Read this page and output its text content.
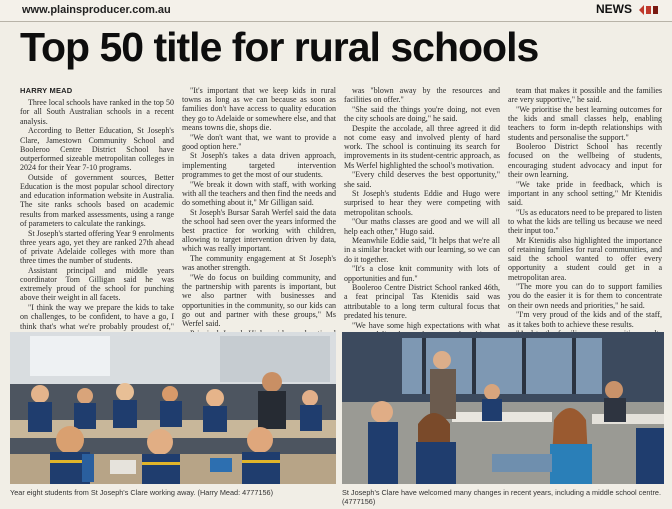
www.plainsproducer.com.au	NEWS
Top 50 title for rural schools
HARRY MEAD

Three local schools have ranked in the top 50 for all South Australian schools in a recent analysis.

According to Better Education, St Joseph's Clare, Jamestown Community School and Booleroo Centre District School have outperformed sizeable metropolitan colleges in 2024 for their Year 7-10 programs.

Outside of government sources, Better Education is the most popular school directory and education information website in Australia. The site ranks schools based on academic results from marked assessments, using a range of parameters to calculate the rankings.

St Joseph's started offering Year 9 enrolments three years ago, yet they are ranked 27th ahead of private Adelaide colleges with more than three times the number of students.

Assistant principal and middle years coordinator Tom Gilligan said he was extremely proud of the school for punching above their weight in all facets.

"I think the way we prepare the kids to take on challenges, to be confident, to have a go, I think that's what we're probably proudest of,"

"It's important that we keep kids in rural towns as long as we can because as soon as families don't have access to quality education they go to Adelaide or somewhere else, and that means towns die, shops die.

"We don't want that, we want to provide a good option here."

St Joseph's takes a data driven approach, implementing targeted intervention programmes to get the most of our students.

"We break it down with staff, with working with all the teachers and then find the needs and do something about it," Mr Gilligan said.

St Joseph's Bursar Sarah Werfel said the data the school had seen over the years informed the best practice for working with children, allowing to target intervention driven by data, which was really important.

The community engagement at St Joseph's was another strength.

"We do focus on building community, and the partnership with parents is important, but we also partner with businesses and opportunities in the community, so our kids can go out and partner with these groups," Ms Werfel said.

was "blown away by the resources and facilities on offer."

"She said the things you're doing, not even the city schools are doing," he said.

Despite the accolade, all three agreed it did not come easy and involved plenty of hard work. The school is continuing its search for improvements in its student-centric approach, as Ms Werfel highlighted the school's motivation.

"Every child deserves the best opportunity," she said.

St Joseph's students Eddie and Hugo were surprised to hear they were competing with metropolitan schools.

"Our maths classes are good and we will all help each other," Hugo said.

Meanwhile Eddie said, "It helps that we're all in a similar bracket with our learning, so we can do it together.

"It's a close knit community with lots of opportunities and fun."

Booleroo Centre District School ranked 46th, a feat principal Tas Ktenidis said was attributable to a long term cultural focus that predated his tenure.

"We have some high expectations with what

team that makes it possible and the families are very supportive," he said.

"We prioritise the best learning outcomes for the kids and small classes help, enabling teachers to form in-depth relationships with students and personalise the support."

Booleroo District School has recently focused on the wellbeing of students, encouraging student advocacy and input for their own learning.

"We take pride in feedback, which is important in any school setting," Mr Ktenidis said.

"Us as educators need to be prepared to listen to what the kids are telling us because we need their input too."

Mr Ktenidis also highlighted the importance of retaining families for rural communities, and said the school wanted to offer every opportunity a student could get in a metropolitan area.

"The more you can do to support families you do the easier it is for them to concentrate on their own needs and priorities," he said.

"I'm very proud of the kids and of the staff, as it takes both to achieve these results.

Year eight students from St Joseph's Clare working away. (Harry Mead: 4777156)	St Joseph's Clare have welcomed many changes in recent years, including a middle school centre. (4777156)
